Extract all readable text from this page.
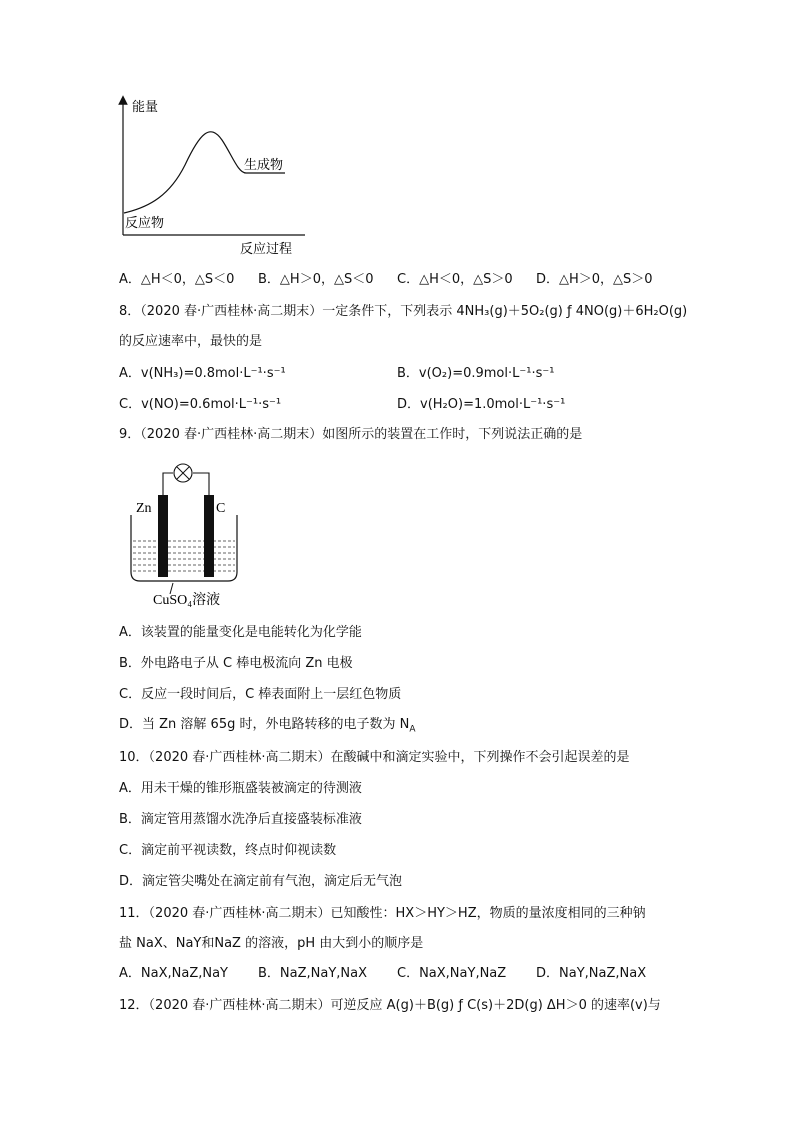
能量
生成物
反应物
反应过程
A．△H＜0，△S＜0 B．△H＞0，△S＜0 C．△H＜0，△S＞0 D．△H＞0，△S＞0
8．（2020 春·广西桂林·高二期末）一定条件下，下列表示 4NH₃(g)＋5O₂(g) ƒ 4NO(g)＋6H₂O(g)
的反应速率中，最快的是
A．v(NH₃)=0.8mol·L⁻¹·s⁻¹	B．v(O₂)=0.9mol·L⁻¹·s⁻¹
C．v(NO)=0.6mol·L⁻¹·s⁻¹	D．v(H₂O)=1.0mol·L⁻¹·s⁻¹
9．（2020 春·广西桂林·高二期末）如图所示的装置在工作时，下列说法正确的是
Zn	C
CuSO₄溶液
A．该装置的能量变化是电能转化为化学能
B．外电路电子从 C 棒电极流向 Zn 电极
C．反应一段时间后，C 棒表面附上一层红色物质
D．当 Zn 溶解 65g 时，外电路转移的电子数为 $N_A$
10．（2020 春·广西桂林·高二期末）在酸碱中和滴定实验中，下列操作不会引起误差的是
A．用未干燥的锥形瓶盛装被滴定的待测液
B．滴定管用蒸馏水洗净后直接盛装标准液
C．滴定前平视读数，终点时仰视读数
D．滴定管尖嘴处在滴定前有气泡，滴定后无气泡
11．（2020 春·广西桂林·高二期末）已知酸性：HX＞HY＞HZ，物质的量浓度相同的三种钠
盐 NaX、NaY和NaZ 的溶液，pH 由大到小的顺序是
A．NaX,NaZ,NaY B．NaZ,NaY,NaX C．NaX,NaY,NaZ D．NaY,NaZ,NaX
12．（2020 春·广西桂林·高二期末）可逆反应 A(g)＋B(g) ƒ C(s)＋2D(g) ΔH＞0 的速率(v)与
